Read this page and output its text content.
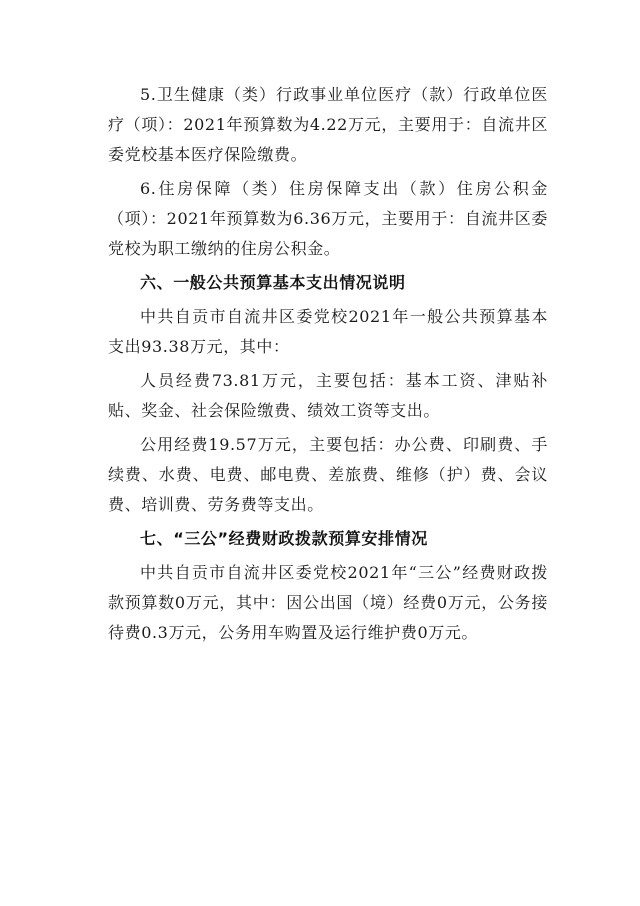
5.卫生健康（类）行政事业单位医疗（款）行政单位医疗（项）：2021年预算数为4.22万元，主要用于：自流井区委党校基本医疗保险缴费。

6.住房保障（类）住房保障支出（款）住房公积金（项）：2021年预算数为6.36万元，主要用于：自流井区委党校为职工缴纳的住房公积金。

六、一般公共预算基本支出情况说明

中共自贡市自流井区委党校2021年一般公共预算基本支出93.38万元，其中：

人员经费73.81万元，主要包括：基本工资、津贴补贴、奖金、社会保险缴费、绩效工资等支出。

公用经费19.57万元，主要包括：办公费、印刷费、手续费、水费、电费、邮电费、差旅费、维修（护）费、会议费、培训费、劳务费等支出。

七、“三公”经费财政拨款预算安排情况

中共自贡市自流井区委党校2021年“三公”经费财政拨款预算数0万元，其中：因公出国（境）经费0万元，公务接待费0.3万元，公务用车购置及运行维护费0万元。
